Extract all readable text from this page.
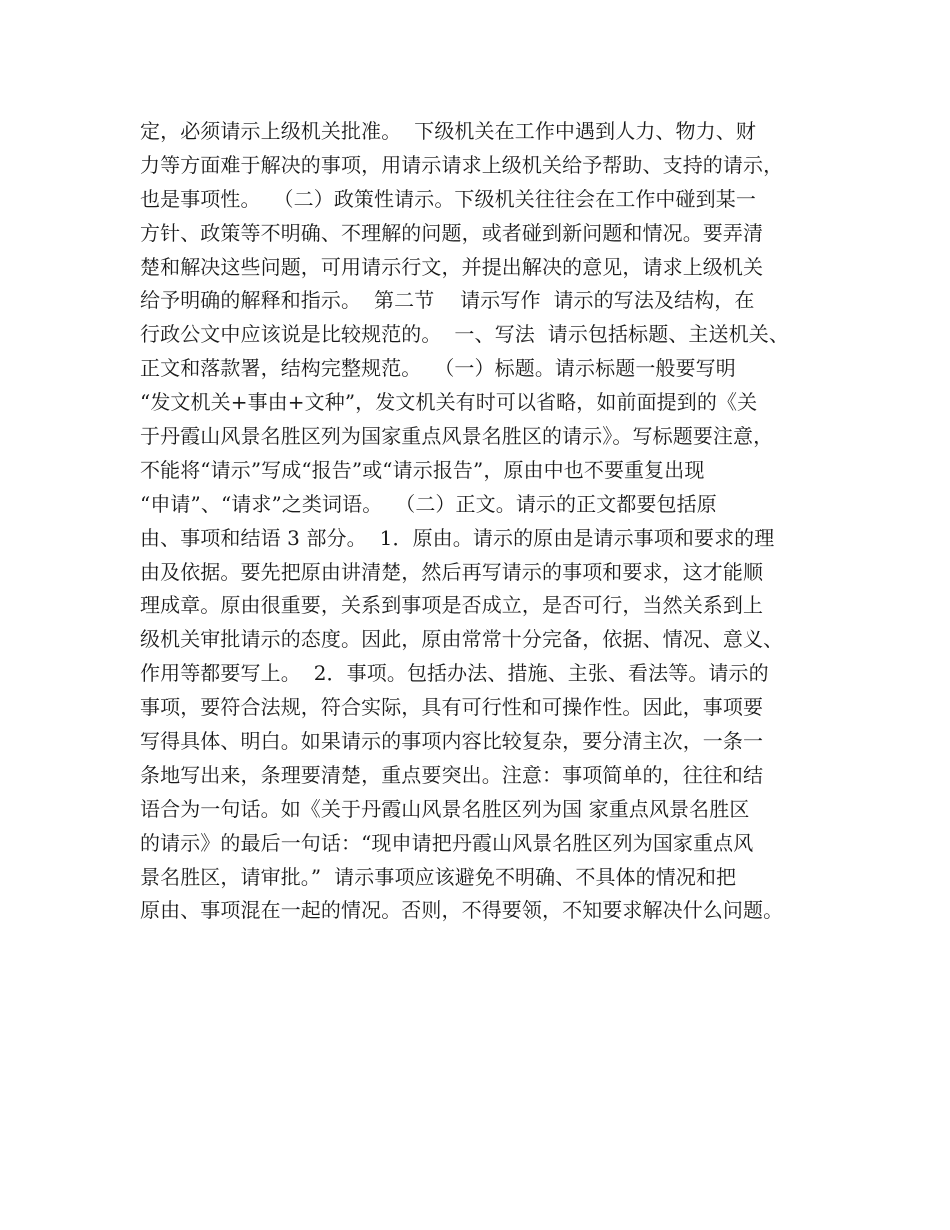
定，必须请示上级机关批准。  下级机关在工作中遇到人力、物力、财
力等方面难于解决的事项，用请示请求上级机关给予帮助、支持的请示，
也是事项性。  （二）政策性请示。下级机关往往会在工作中碰到某一
方针、政策等不明确、不理解的问题，或者碰到新问题和情况。要弄清
楚和解决这些问题，可用请示行文，并提出解决的意见，请求上级机关
给予明确的解释和指示。  第二节    请示写作  请示的写法及结构，在
行政公文中应该说是比较规范的。  一、写法  请示包括标题、主送机关、
正文和落款署，结构完整规范。  （一）标题。请示标题一般要写明
“发文机关+事由+文种”，发文机关有时可以省略，如前面提到的《关
于丹霞山风景名胜区列为国家重点风景名胜区的请示》。写标题要注意，
不能将“请示”写成“报告”或“请示报告”，原由中也不要重复出现
“申请”、“请求”之类词语。  （二）正文。请示的正文都要包括原
由、事项和结语 3 部分。  1．原由。请示的原由是请示事项和要求的理
由及依据。要先把原由讲清楚，然后再写请示的事项和要求，这才能顺
理成章。原由很重要，关系到事项是否成立，是否可行，当然关系到上
级机关审批请示的态度。因此，原由常常十分完备，依据、情况、意义、
作用等都要写上。  2．事项。包括办法、措施、主张、看法等。请示的
事项，要符合法规，符合实际，具有可行性和可操作性。因此，事项要
写得具体、明白。如果请示的事项内容比较复杂，要分清主次，一条一
条地写出来，条理要清楚，重点要突出。注意：事项简单的，往往和结
语合为一句话。如《关于丹霞山风景名胜区列为国 家重点风景名胜区
的请示》的最后一句话：“现申请把丹霞山风景名胜区列为国家重点风
景名胜区，请审批。”  请示事项应该避免不明确、不具体的情况和把
原由、事项混在一起的情况。否则，不得要领，不知要求解决什么问题。
